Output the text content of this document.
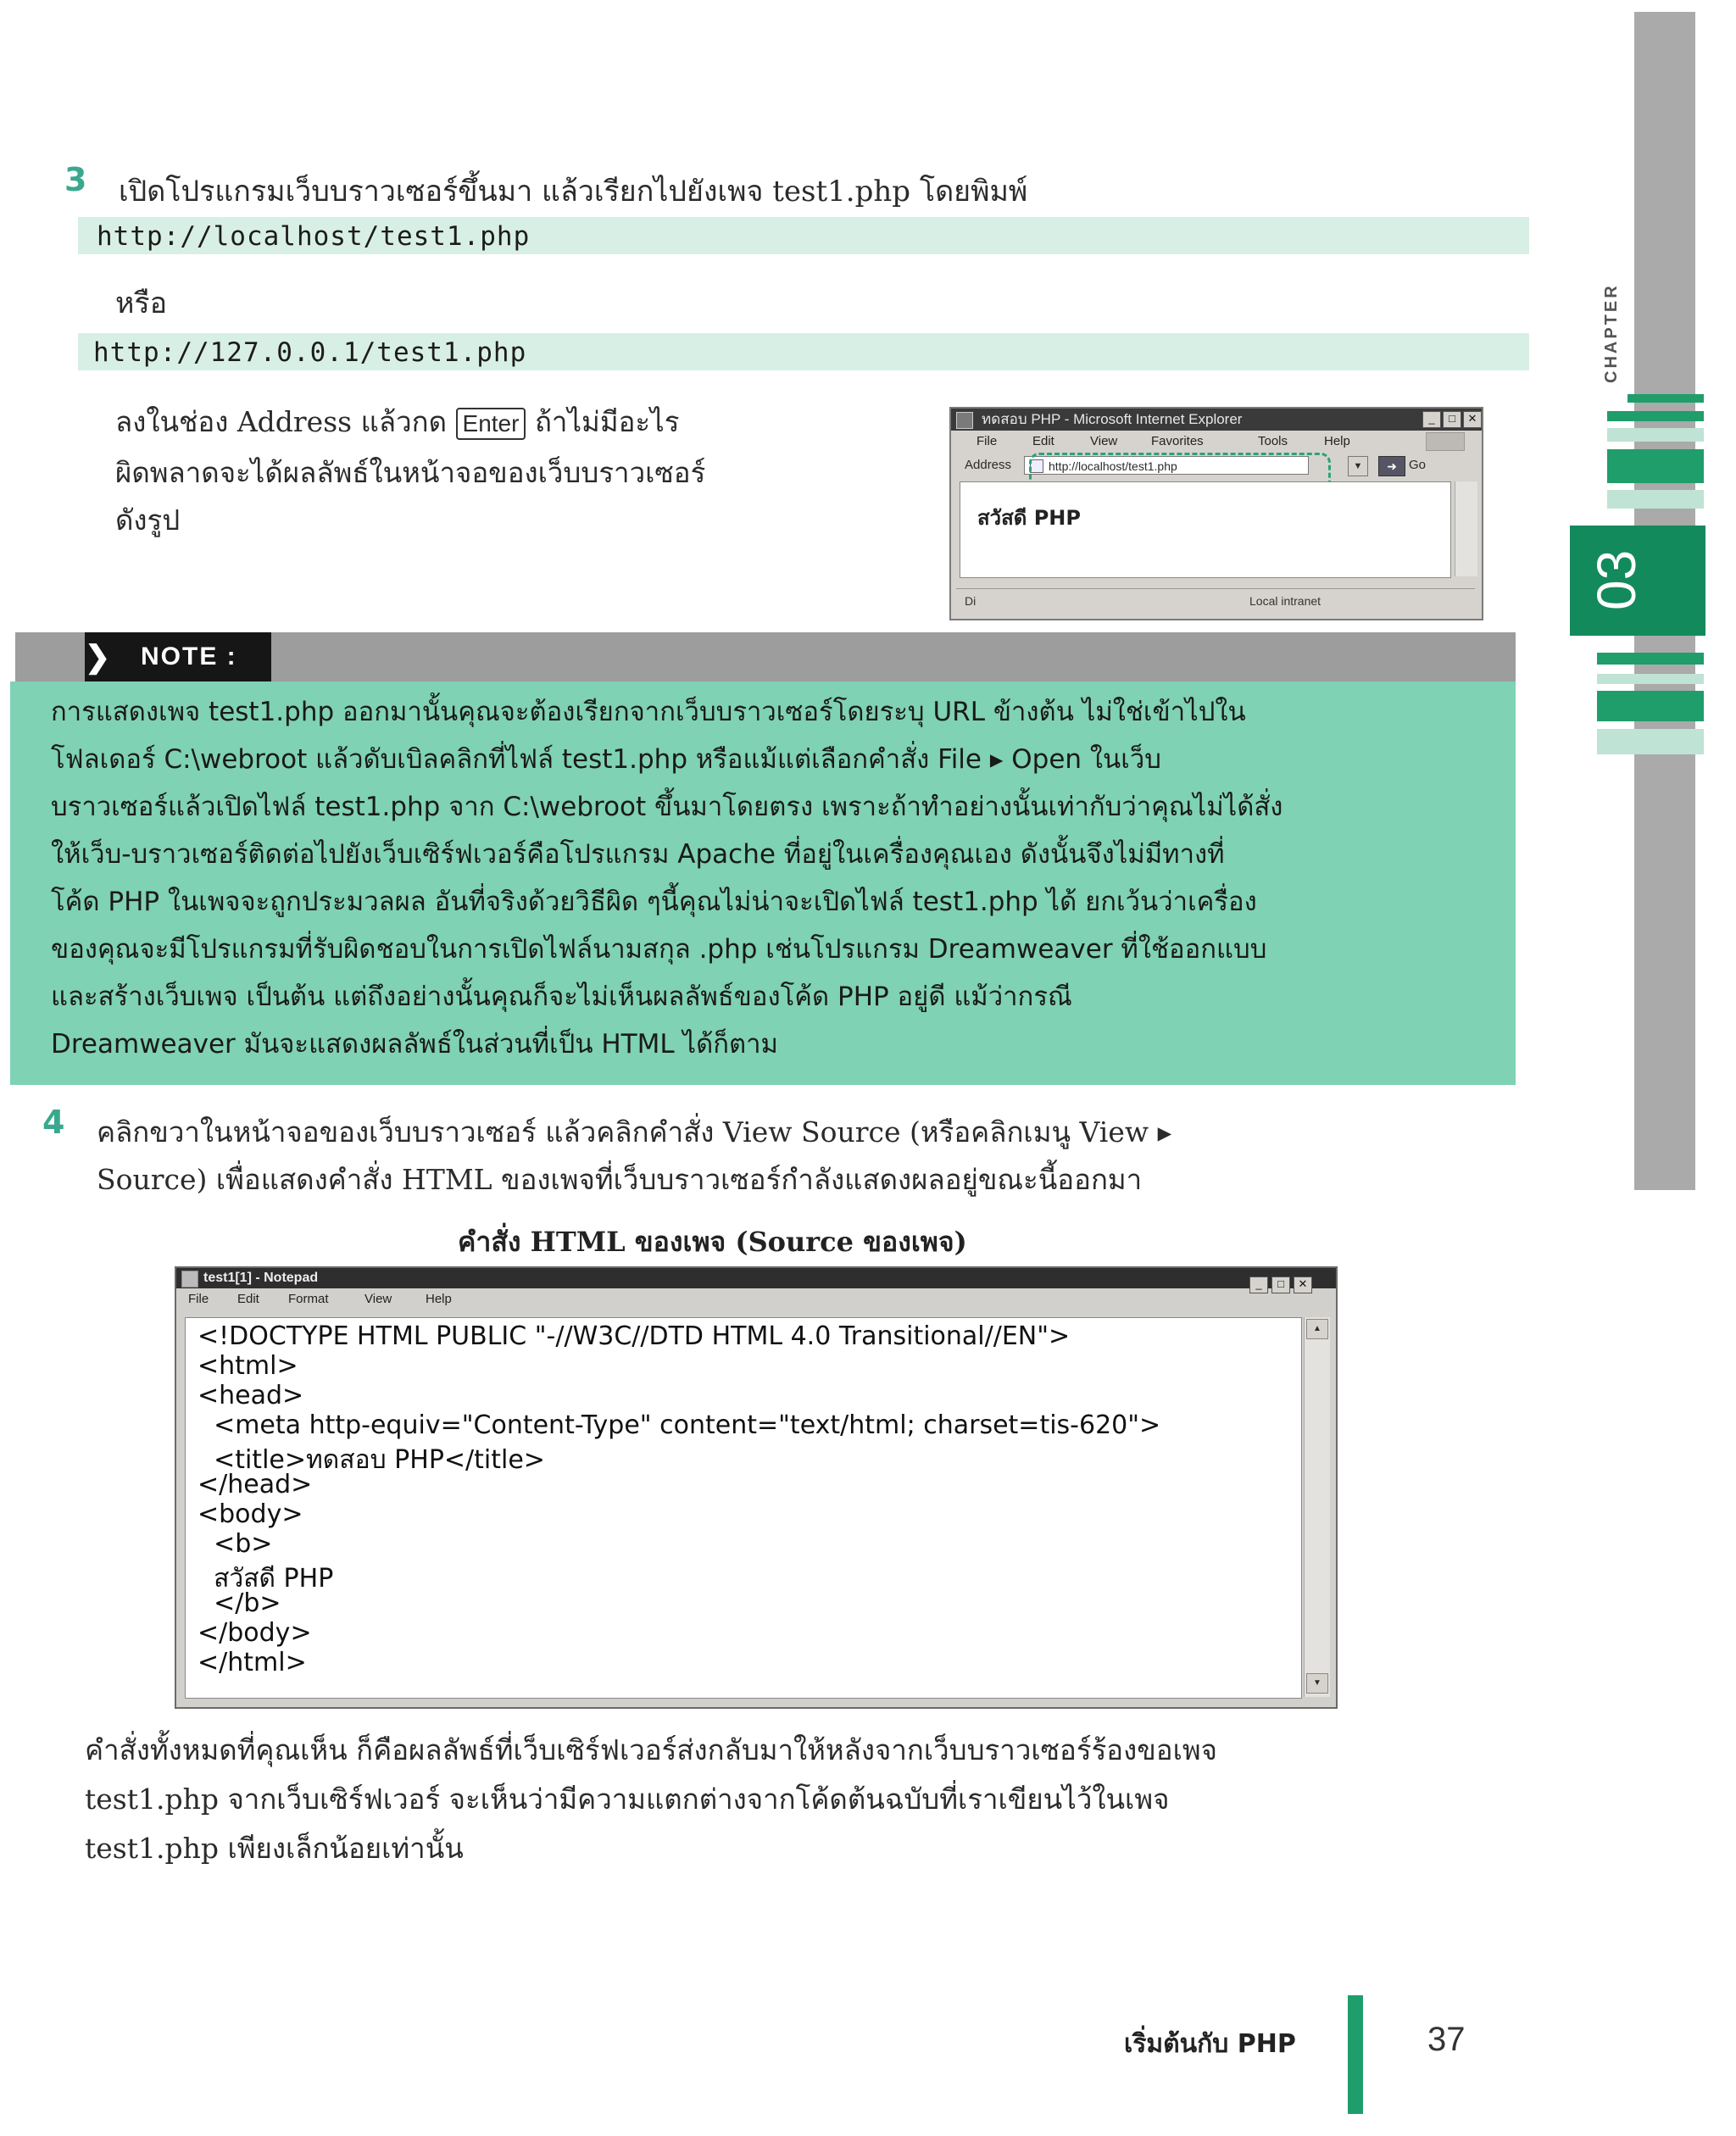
CHAPTER
03
3 เปิดโปรแกรมเว็บบราวเซอร์ขึ้นมา แล้วเรียกไปยังเพจ test1.php โดยพิมพ์
http://localhost/test1.php
หรือ
http://127.0.0.1/test1.php
ลงในช่อง Address แล้วกด Enter ถ้าไม่มีอะไร
ผิดพลาดจะได้ผลลัพธ์ในหน้าจอของเว็บบราวเซอร์
ดังรูป
ทดสอบ PHP - Microsoft Internet Explorer	_	□	✕
File	Edit	View	Favorites	Tools	Help
Address	http://localhost/test1.php	▼	➜ Go
สวัสดี PHP
Di	Local intranet
❯ NOTE :
การแสดงเพจ test1.php ออกมานั้นคุณจะต้องเรียกจากเว็บบราวเซอร์โดยระบุ URL ข้างต้น ไม่ใช่เข้าไปใน
โฟลเดอร์ C:\webroot แล้วดับเบิลคลิกที่ไฟล์ test1.php หรือแม้แต่เลือกคำสั่ง File ▸ Open ในเว็บ
บราวเซอร์แล้วเปิดไฟล์ test1.php จาก C:\webroot ขึ้นมาโดยตรง เพราะถ้าทำอย่างนั้นเท่ากับว่าคุณไม่ได้สั่ง
ให้เว็บ-บราวเซอร์ติดต่อไปยังเว็บเซิร์ฟเวอร์คือโปรแกรม Apache ที่อยู่ในเครื่องคุณเอง ดังนั้นจึงไม่มีทางที่
โค้ด PHP ในเพจจะถูกประมวลผล อันที่จริงด้วยวิธีผิด ๆนี้คุณไม่น่าจะเปิดไฟล์ test1.php ได้ ยกเว้นว่าเครื่อง
ของคุณจะมีโปรแกรมที่รับผิดชอบในการเปิดไฟล์นามสกุล .php เช่นโปรแกรม Dreamweaver ที่ใช้ออกแบบ
และสร้างเว็บเพจ เป็นต้น แต่ถึงอย่างนั้นคุณก็จะไม่เห็นผลลัพธ์ของโค้ด PHP อยู่ดี แม้ว่ากรณี
Dreamweaver มันจะแสดงผลลัพธ์ในส่วนที่เป็น HTML ได้ก็ตาม
4 คลิกขวาในหน้าจอของเว็บบราวเซอร์ แล้วคลิกคำสั่ง View Source (หรือคลิกเมนู View ▸
Source) เพื่อแสดงคำสั่ง HTML ของเพจที่เว็บบราวเซอร์กำลังแสดงผลอยู่ขณะนี้ออกมา
คำสั่ง HTML ของเพจ (Source ของเพจ)
test1[1] - Notepad	_	□	✕
File Edit Format	View	Help
<!DOCTYPE HTML PUBLIC "-//W3C//DTD HTML 4.0 Transitional//EN">
<html>
<head>
<meta http-equiv="Content-Type" content="text/html; charset=tis-620">
<title>ทดสอบ PHP</title>
</head>
<body>
<b>
สวัสดี PHP
</b>
</body>
</html>
▲
▼
คำสั่งทั้งหมดที่คุณเห็น ก็คือผลลัพธ์ที่เว็บเซิร์ฟเวอร์ส่งกลับมาให้หลังจากเว็บบราวเซอร์ร้องขอเพจ
test1.php จากเว็บเซิร์ฟเวอร์ จะเห็นว่ามีความแตกต่างจากโค้ดต้นฉบับที่เราเขียนไว้ในเพจ
test1.php เพียงเล็กน้อยเท่านั้น
เริ่มต้นกับ PHP	37
